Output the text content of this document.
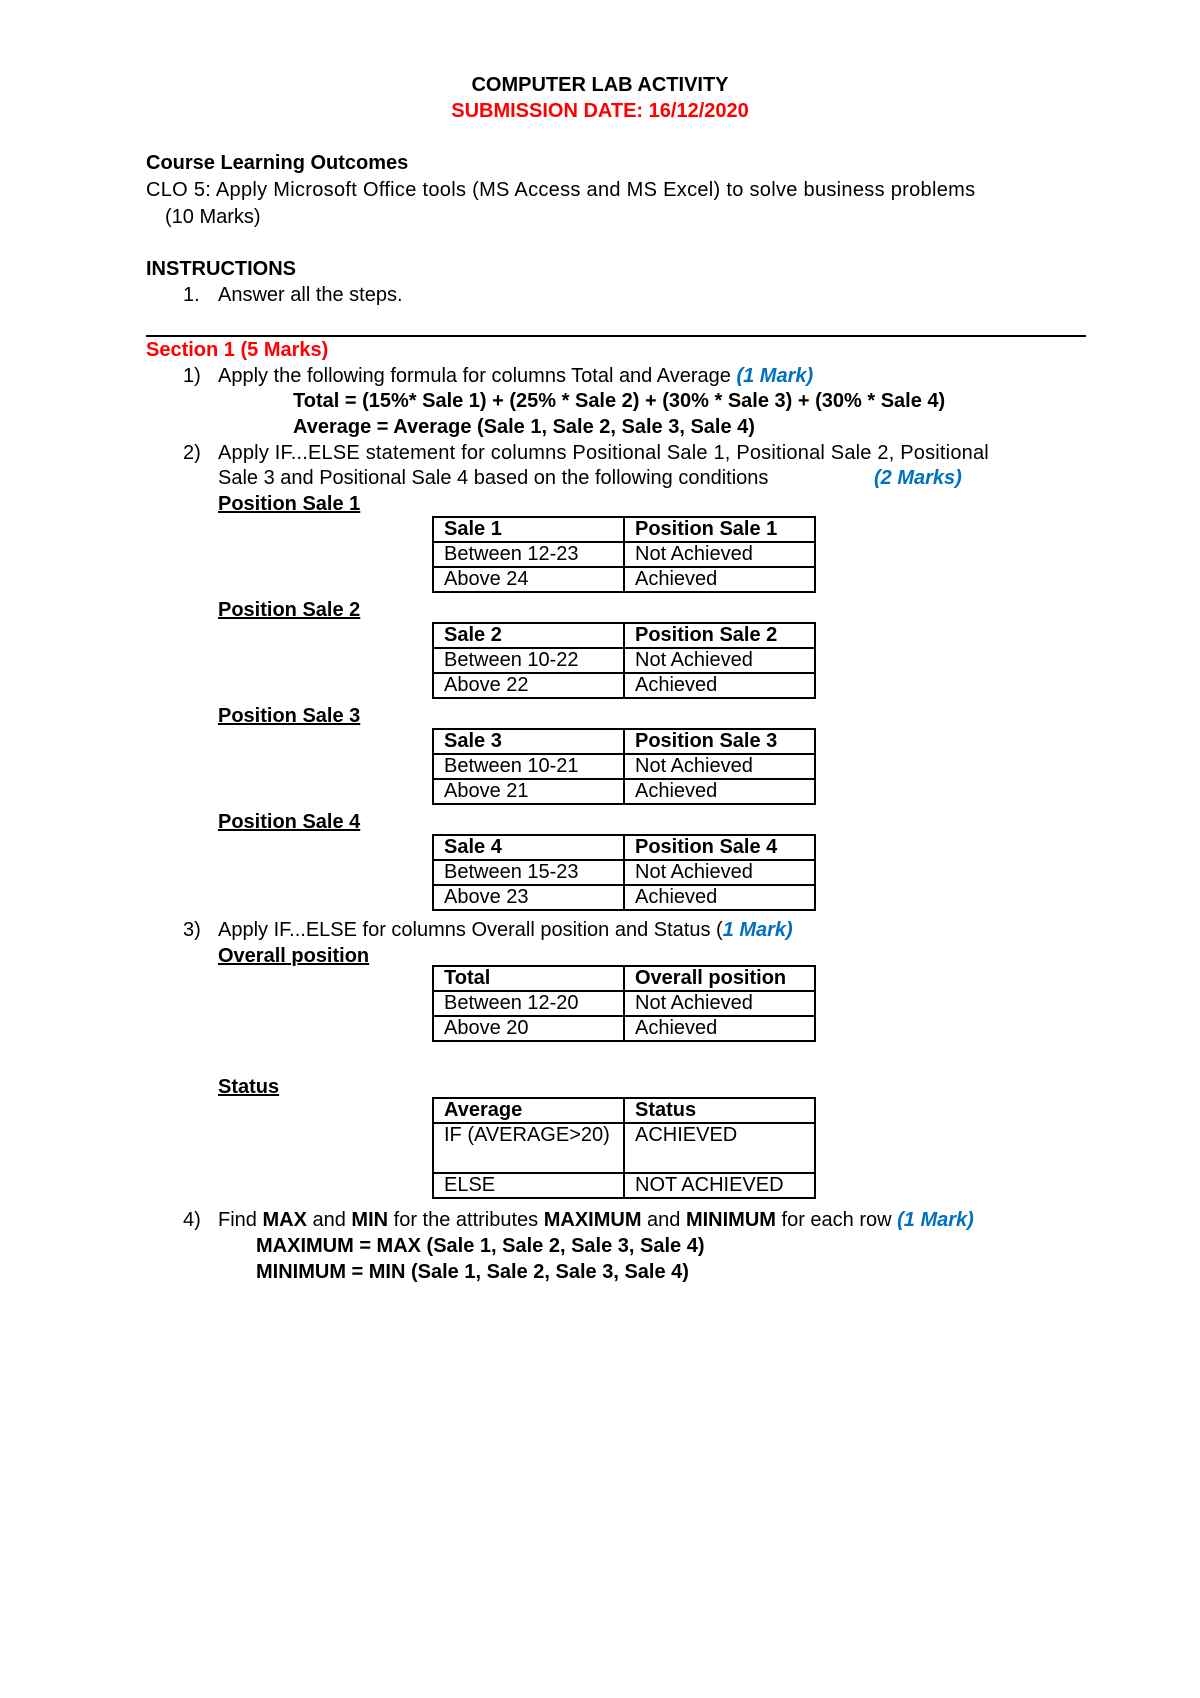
COMPUTER LAB ACTIVITY
SUBMISSION DATE: 16/12/2020
Course Learning Outcomes
CLO 5: Apply Microsoft Office tools (MS Access and MS Excel) to solve business problems
(10 Marks)
INSTRUCTIONS
1. Answer all the steps.
Section 1 (5 Marks)
1) Apply the following formula for columns Total and Average (1 Mark)
Total = (15%* Sale 1) + (25% * Sale 2) + (30% * Sale 3) + (30% * Sale 4)
Average = Average (Sale 1, Sale 2, Sale 3, Sale 4)
2) Apply IF...ELSE statement for columns Positional Sale 1, Positional Sale 2, Positional
Sale 3 and Positional Sale 4 based on the following conditions	(2 Marks)
Position Sale 1
Sale 1	Position Sale 1
Between 12-23	Not Achieved
Above 24	Achieved
Position Sale 2
Sale 2	Position Sale 2
Between 10-22	Not Achieved
Above 22	Achieved
Position Sale 3
Sale 3	Position Sale 3
Between 10-21	Not Achieved
Above 21	Achieved
Position Sale 4
Sale 4	Position Sale 4
Between 15-23	Not Achieved
Above 23	Achieved
3) Apply IF...ELSE for columns Overall position and Status (1 Mark)
Overall position
Total	Overall position
Between 12-20	Not Achieved
Above 20	Achieved
Status
Average	Status
IF (AVERAGE>20)	ACHIEVED
ELSE	NOT ACHIEVED
4) Find MAX and MIN for the attributes MAXIMUM and MINIMUM for each row (1 Mark)
MAXIMUM = MAX (Sale 1, Sale 2, Sale 3, Sale 4)
MINIMUM = MIN (Sale 1, Sale 2, Sale 3, Sale 4)
